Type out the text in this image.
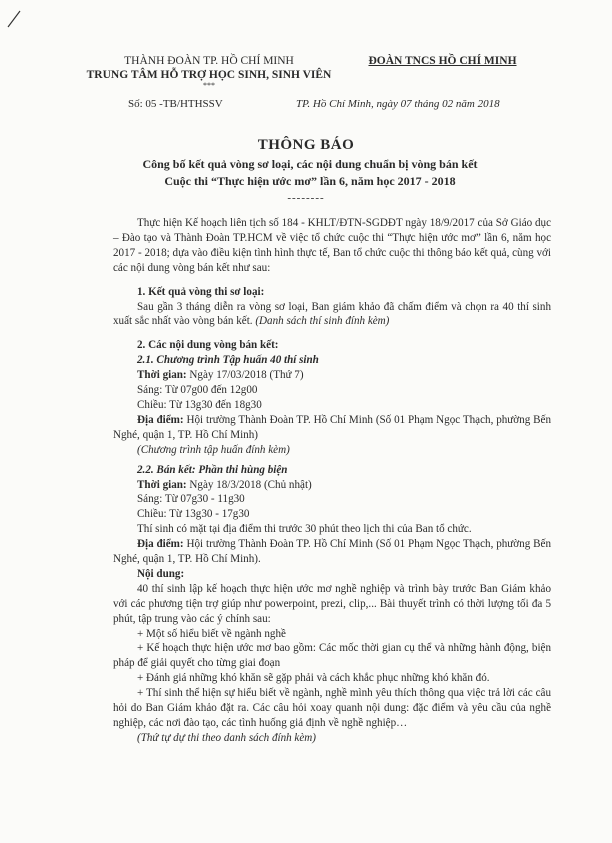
THÀNH ĐOÀN TP. HỒ CHÍ MINH
TRUNG TÂM HỖ TRỢ HỌC SINH, SINH VIÊN
***
ĐOÀN TNCS HỒ CHÍ MINH
Số: 05 -TB/HTHSSV	TP. Hồ Chí Minh, ngày 07 tháng 02 năm 2018
THÔNG BÁO
Công bố kết quả vòng sơ loại, các nội dung chuẩn bị vòng bán kết
Cuộc thi “Thực hiện ước mơ” lần 6, năm học 2017 - 2018
--------

Thực hiện Kế hoạch liên tịch số 184 - KHLT/ĐTN-SGDĐT ngày 18/9/2017 của Sở Giáo dục – Đào tạo và Thành Đoàn TP.HCM về việc tổ chức cuộc thi “Thực hiện ước mơ” lần 6, năm học 2017 - 2018; dựa vào điều kiện tình hình thực tế, Ban tổ chức cuộc thi thông báo kết quả, cùng với các nội dung vòng bán kết như sau:

1. Kết quả vòng thi sơ loại:

Sau gần 3 tháng diễn ra vòng sơ loại, Ban giám khảo đã chấm điểm và chọn ra 40 thí sinh xuất sắc nhất vào vòng bán kết. (Danh sách thí sinh đính kèm)

2. Các nội dung vòng bán kết:

2.1. Chương trình Tập huấn 40 thí sinh

Thời gian: Ngày 17/03/2018 (Thứ 7)

Sáng: Từ 07g00 đến 12g00

Chiều: Từ 13g30 đến 18g30

Địa điểm: Hội trường Thành Đoàn TP. Hồ Chí Minh (Số 01 Phạm Ngọc Thạch, phường Bến Nghé, quận 1, TP. Hồ Chí Minh)

(Chương trình tập huấn đính kèm)

2.2. Bán kết: Phần thi hùng biện

Thời gian: Ngày 18/3/2018 (Chủ nhật)

Sáng: Từ 07g30 - 11g30

Chiều: Từ 13g30 - 17g30

Thí sinh có mặt tại địa điểm thi trước 30 phút theo lịch thi của Ban tổ chức.

Địa điểm: Hội trường Thành Đoàn TP. Hồ Chí Minh (Số 01 Phạm Ngọc Thạch, phường Bến Nghé, quận 1, TP. Hồ Chí Minh).

Nội dung:

40 thí sinh lập kế hoạch thực hiện ước mơ nghề nghiệp và trình bày trước Ban Giám khảo với các phương tiện trợ giúp như powerpoint, prezi, clip,... Bài thuyết trình có thời lượng tối đa 5 phút, tập trung vào các ý chính sau:

+ Một số hiểu biết về ngành nghề

+ Kế hoạch thực hiện ước mơ bao gồm: Các mốc thời gian cụ thể và những hành động, biện pháp để giải quyết cho từng giai đoạn

+ Đánh giá những khó khăn sẽ gặp phải và cách khắc phục những khó khăn đó.

+ Thí sinh thể hiện sự hiểu biết về ngành, nghề mình yêu thích thông qua việc trả lời các câu hỏi do Ban Giám khảo đặt ra. Các câu hỏi xoay quanh nội dung: đặc điểm và yêu cầu của nghề nghiệp, các nơi đào tạo, các tình huống giả định về nghề nghiệp…

(Thứ tự dự thi theo danh sách đính kèm)
